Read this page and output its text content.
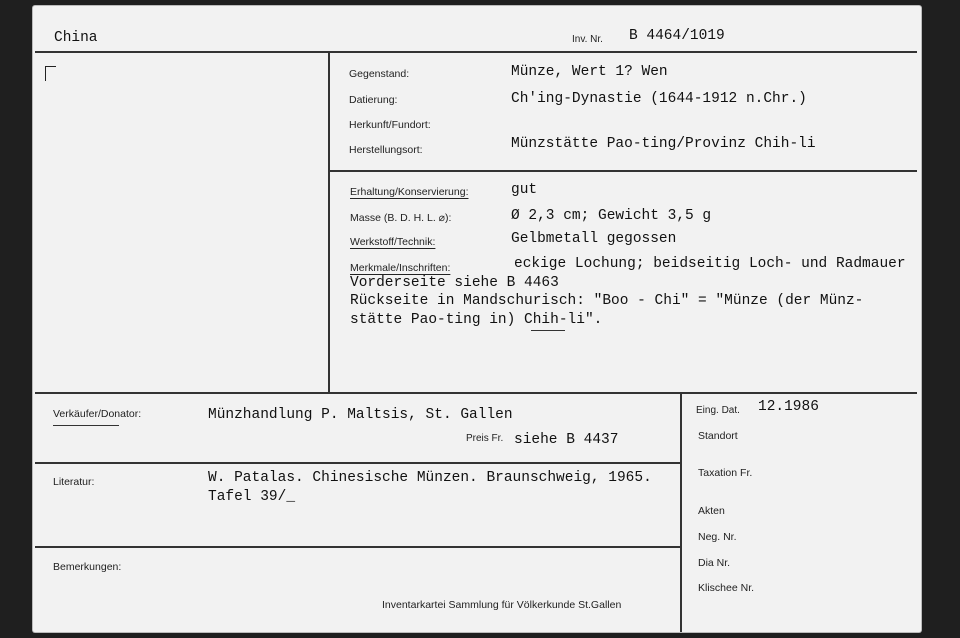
China	Inv. Nr. B 4464/1019
Gegenstand:	Münze, Wert 1? Wen
Datierung:	Ch'ing-Dynastie (1644-1912 n.Chr.)
Herkunft/Fundort:
Herstellungsort:	Münzstätte Pao-ting/Provinz Chih-li
Erhaltung/Konservierung:	gut
Masse (B. D. H. L. ⌀):	Ø 2,3 cm; Gewicht 3,5 g
Werkstoff/Technik:	Gelbmetall gegossen
Merkmale/Inschriften:	eckige Lochung; beidseitig Loch- und Radmauer
Vorderseite siehe B 4463
Rückseite in Mandschurisch: "Boo - Chi" = "Münze (der Münz-
stätte Pao-ting in) Chih-li".
Verkäufer/Donator:	Münzhandlung P. Maltsis, St. Gallen
Preis Fr. siehe B 4437
Literatur:	W. Patalas. Chinesische Münzen. Braunschweig, 1965.
Tafel 39/_
Bemerkungen:
Inventarkartei Sammlung für Völkerkunde St.Gallen
Eing. Dat. 12.1986
Standort
Taxation Fr.
Akten
Neg. Nr.
Dia Nr.
Klischee Nr.
